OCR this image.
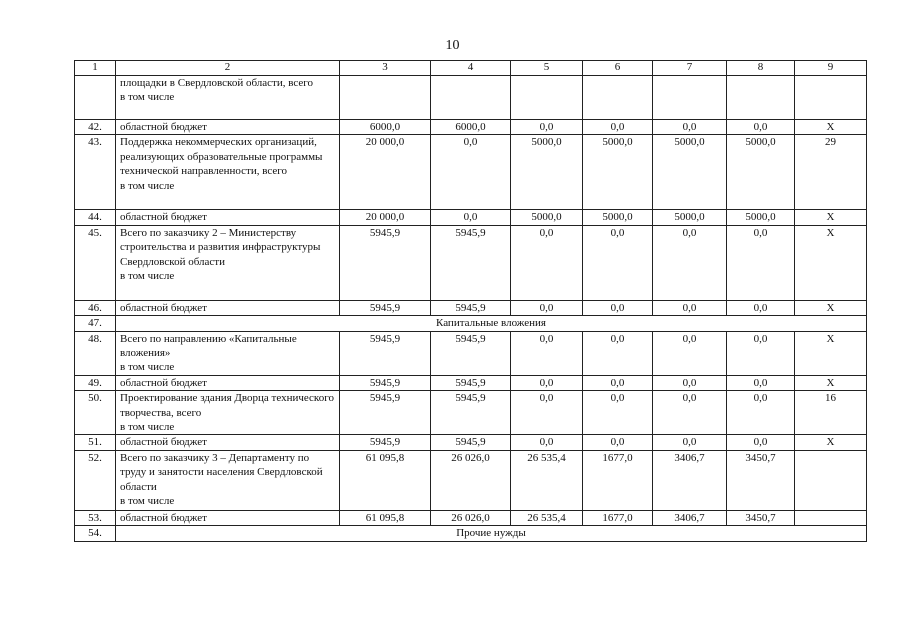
10
1	2	3	4	5	6	7	8	9
	площадки в Свердловской области, всего
в том числе							
42.	областной бюджет	6000,0	6000,0	0,0	0,0	0,0	0,0	Х
43.	Поддержка некоммерческих организаций, реализующих образовательные программы технической направленности, всего
в том числе	20 000,0	0,0	5000,0	5000,0	5000,0	5000,0	29
44.	областной бюджет	20 000,0	0,0	5000,0	5000,0	5000,0	5000,0	Х
45.	Всего по заказчику 2 – Министерству строительства и развития инфраструктуры Свердловской области
в том числе	5945,9	5945,9	0,0	0,0	0,0	0,0	Х
46.	областной бюджет	5945,9	5945,9	0,0	0,0	0,0	0,0	Х
47.	Капитальные вложения							
48.	Всего по направлению «Капитальные вложения»
в том числе	5945,9	5945,9	0,0	0,0	0,0	0,0	Х
49.	областной бюджет	5945,9	5945,9	0,0	0,0	0,0	0,0	Х
50.	Проектирование здания Дворца технического творчества, всего
в том числе	5945,9	5945,9	0,0	0,0	0,0	0,0	16
51.	областной бюджет	5945,9	5945,9	0,0	0,0	0,0	0,0	Х
52.	Всего по заказчику 3 – Департаменту по труду и занятости населения Свердловской области
в том числе	61 095,8	26 026,0	26 535,4	1677,0	3406,7	3450,7	
53.	областной бюджет	61 095,8	26 026,0	26 535,4	1677,0	3406,7	3450,7	
54.	Прочие нужды							
